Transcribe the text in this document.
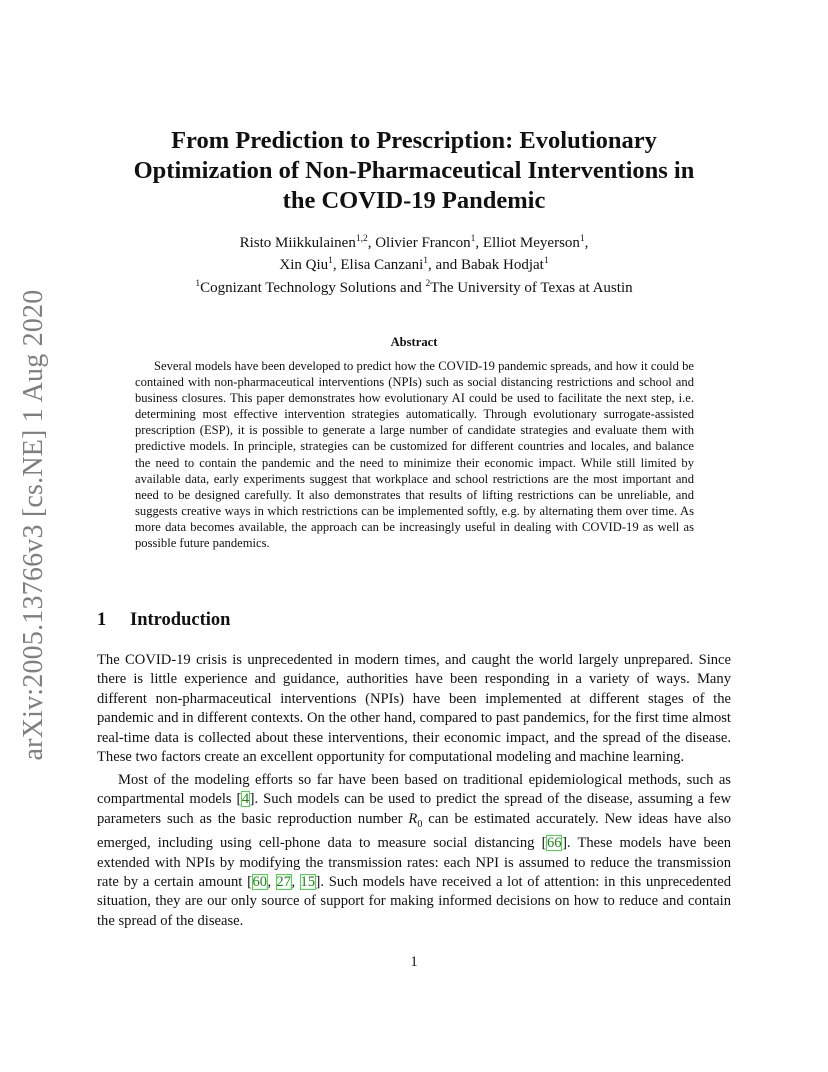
arXiv:2005.13766v3 [cs.NE] 1 Aug 2020
From Prediction to Prescription: Evolutionary
Optimization of Non-Pharmaceutical Interventions in
the COVID-19 Pandemic
Risto Miikkulainen$^{1,2}$, Olivier Francon$^1$, Elliot Meyerson$^1$,
Xin Qiu$^1$, Elisa Canzani$^1$, and Babak Hodjat$^1$
$^1$Cognizant Technology Solutions and $^2$The University of Texas at Austin
Abstract

Several models have been developed to predict how the COVID-19 pandemic spreads, and how it could be contained with non-pharmaceutical interventions (NPIs) such as social distancing restrictions and school and business closures. This paper demonstrates how evolutionary AI could be used to facilitate the next step, i.e. determining most effective intervention strategies automatically. Through evolutionary surrogate-assisted prescription (ESP), it is possible to generate a large number of candidate strategies and evaluate them with predictive models. In principle, strategies can be customized for different countries and locales, and balance the need to contain the pandemic and the need to minimize their economic impact. While still limited by available data, early experiments suggest that workplace and school restrictions are the most important and need to be designed carefully. It also demonstrates that results of lifting restrictions can be unreliable, and suggests creative ways in which restrictions can be implemented softly, e.g. by alternating them over time. As more data becomes available, the approach can be increasingly useful in dealing with COVID-19 as well as possible future pandemics.

1 Introduction

The COVID-19 crisis is unprecedented in modern times, and caught the world largely unprepared. Since there is little experience and guidance, authorities have been responding in a variety of ways. Many different non-pharmaceutical interventions (NPIs) have been implemented at different stages of the pandemic and in different contexts. On the other hand, compared to past pandemics, for the first time almost real-time data is collected about these interventions, their economic impact, and the spread of the disease. These two factors create an excellent opportunity for computational modeling and machine learning.

Most of the modeling efforts so far have been based on traditional epidemiological methods, such as compartmental models [4]. Such models can be used to predict the spread of the disease, assuming a few parameters such as the basic reproduction number $R_0$ can be estimated accurately. New ideas have also emerged, including using cell-phone data to measure social distancing [66]. These models have been extended with NPIs by modifying the transmission rates: each NPI is assumed to reduce the transmission rate by a certain amount [60, 27, 15]. Such models have received a lot of attention: in this unprecedented situation, they are our only source of support for making informed decisions on how to reduce and contain the spread of the disease.

1
